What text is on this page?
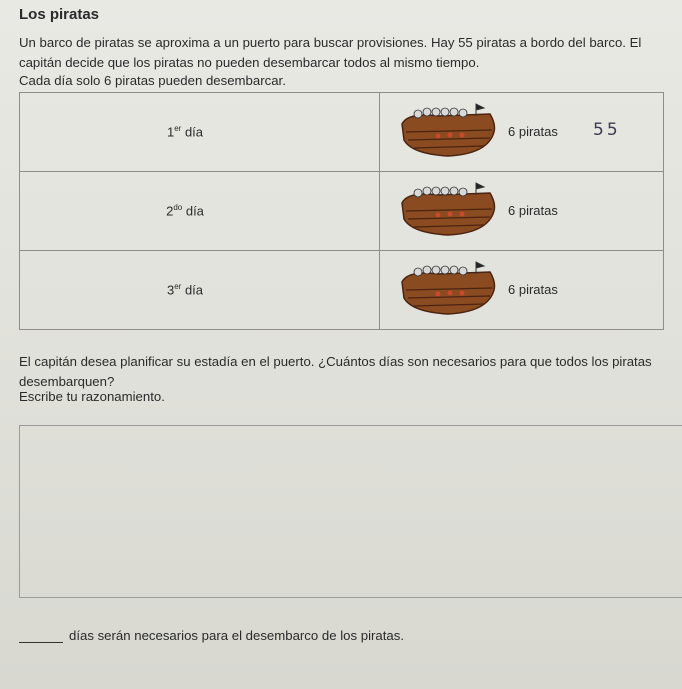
Los piratas
Un barco de piratas se aproxima a un puerto para buscar provisiones. Hay 55 piratas a bordo del barco. El capitán decide que los piratas no pueden desembarcar todos al mismo tiempo.
Cada día solo 6 piratas pueden desembarcar.
1er día	6 piratas 55

$2^{do}$ día	6 piratas

3er día	6 piratas
El capitán desea planificar su estadía en el puerto. ¿Cuántos días son necesarios para que todos los piratas desembarquen?
Escribe tu razonamiento.
días serán necesarios para el desembarco de los piratas.
